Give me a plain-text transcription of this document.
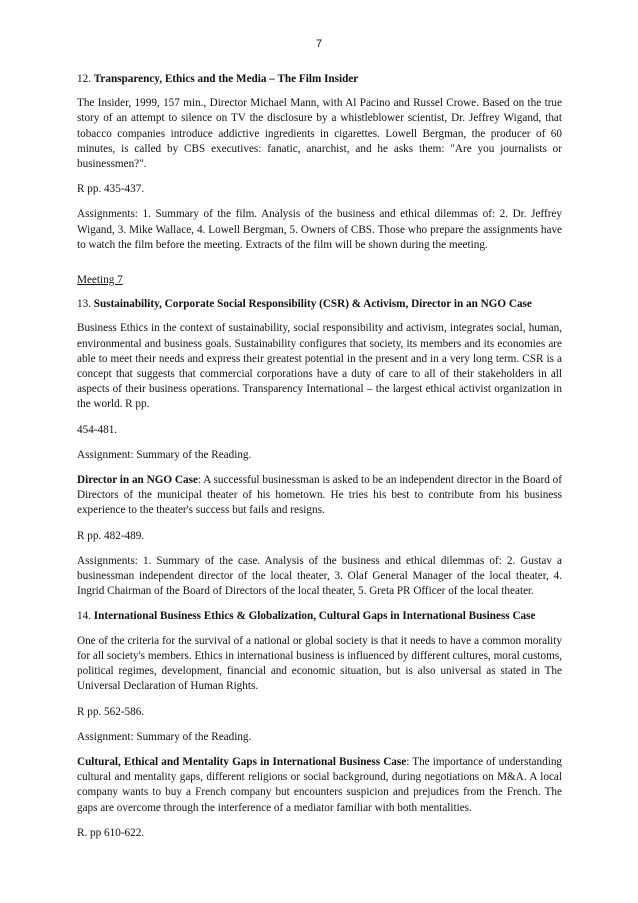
7

12. Transparency, Ethics and the Media – The Film Insider

The Insider, 1999, 157 min., Director Michael Mann, with Al Pacino and Russel Crowe. Based on the true story of an attempt to silence on TV the disclosure by a whistleblower scientist, Dr. Jeffrey Wigand, that tobacco companies introduce addictive ingredients in cigarettes. Lowell Bergman, the producer of 60 minutes, is called by CBS executives: fanatic, anarchist, and he asks them: "Are you journalists or businessmen?".

R pp. 435-437.

Assignments: 1. Summary of the film. Analysis of the business and ethical dilemmas of: 2. Dr. Jeffrey Wigand, 3. Mike Wallace, 4. Lowell Bergman, 5. Owners of CBS. Those who prepare the assignments have to watch the film before the meeting. Extracts of the film will be shown during the meeting.

Meeting 7

13. Sustainability, Corporate Social Responsibility (CSR) & Activism, Director in an NGO Case

Business Ethics in the context of sustainability, social responsibility and activism, integrates social, human, environmental and business goals. Sustainability configures that society, its members and its economies are able to meet their needs and express their greatest potential in the present and in a very long term. CSR is a concept that suggests that commercial corporations have a duty of care to all of their stakeholders in all aspects of their business operations. Transparency International – the largest ethical activist organization in the world. R pp.

454-481.

Assignment: Summary of the Reading.

Director in an NGO Case: A successful businessman is asked to be an independent director in the Board of Directors of the municipal theater of his hometown. He tries his best to contribute from his business experience to the theater's success but fails and resigns.

R pp. 482-489.

Assignments: 1. Summary of the case. Analysis of the business and ethical dilemmas of: 2. Gustav a businessman independent director of the local theater, 3. Olaf General Manager of the local theater, 4. Ingrid Chairman of the Board of Directors of the local theater, 5. Greta PR Officer of the local theater.

14. International Business Ethics & Globalization, Cultural Gaps in International Business Case

One of the criteria for the survival of a national or global society is that it needs to have a common morality for all society's members. Ethics in international business is influenced by different cultures, moral customs, political regimes, development, financial and economic situation, but is also universal as stated in The Universal Declaration of Human Rights.

R pp. 562-586.

Assignment: Summary of the Reading.

Cultural, Ethical and Mentality Gaps in International Business Case: The importance of understanding cultural and mentality gaps, different religions or social background, during negotiations on M&A. A local company wants to buy a French company but encounters suspicion and prejudices from the French. The gaps are overcome through the interference of a mediator familiar with both mentalities.

R. pp 610-622.
